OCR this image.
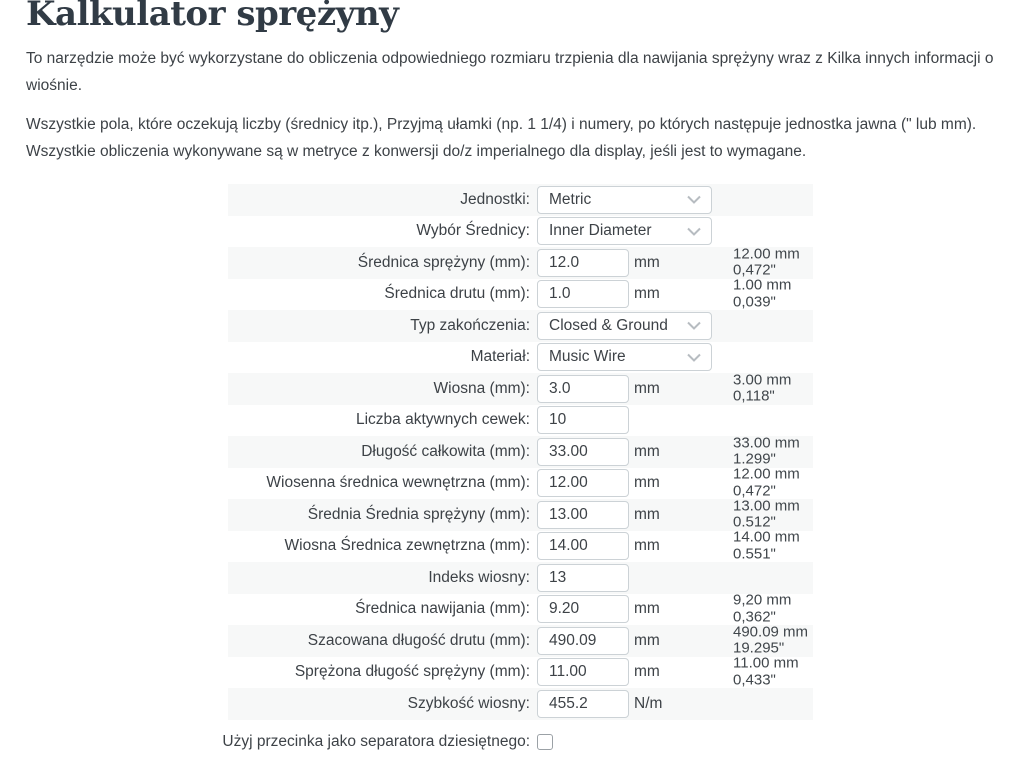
Kalkulator sprężyny

To narzędzie może być wykorzystane do obliczenia odpowiedniego rozmiaru trzpienia dla nawijania sprężyny wraz z Kilka innych informacji o wiośnie.

Wszystkie pola, które oczekują liczby (średnicy itp.), Przyjmą ułamki (np. 1 1/4) i numery, po których następuje jednostka jawna (" lub mm). Wszystkie obliczenia wykonywane są w metryce z konwersji do/z imperialnego dla display, jeśli jest to wymagane.

Jednostki: Metric
Wybór Średnicy: Inner Diameter
Średnica sprężyny (mm):
12.0	mm	12.00 mm
0,472"
Średnica drutu (mm):
1.0	mm	1.00 mm
0,039"
Typ zakończenia: Closed & Ground
Materiał: Music Wire
Wiosna (mm):
3.0	mm	3.00 mm
0,118"
Liczba aktywnych cewek:
10
Długość całkowita (mm):
33.00	mm	33.00 mm
1.299"
Wiosenna średnica wewnętrzna (mm):
12.00	mm	12.00 mm
0,472"
Średnia Średnia sprężyny (mm):
13.00	mm	13.00 mm
0.512"
Wiosna Średnica zewnętrzna (mm):
14.00	mm	14.00 mm
0.551"
Indeks wiosny:
13
Średnica nawijania (mm):
9.20	mm	9,20 mm
0,362"
Szacowana długość drutu (mm):
490.09	mm	490.09 mm
19.295"
Sprężona długość sprężyny (mm):
11.00	mm	11.00 mm
0,433"
Szybkość wiosny:
455.2	N/m
Użyj przecinka jako separatora dziesiętnego:
